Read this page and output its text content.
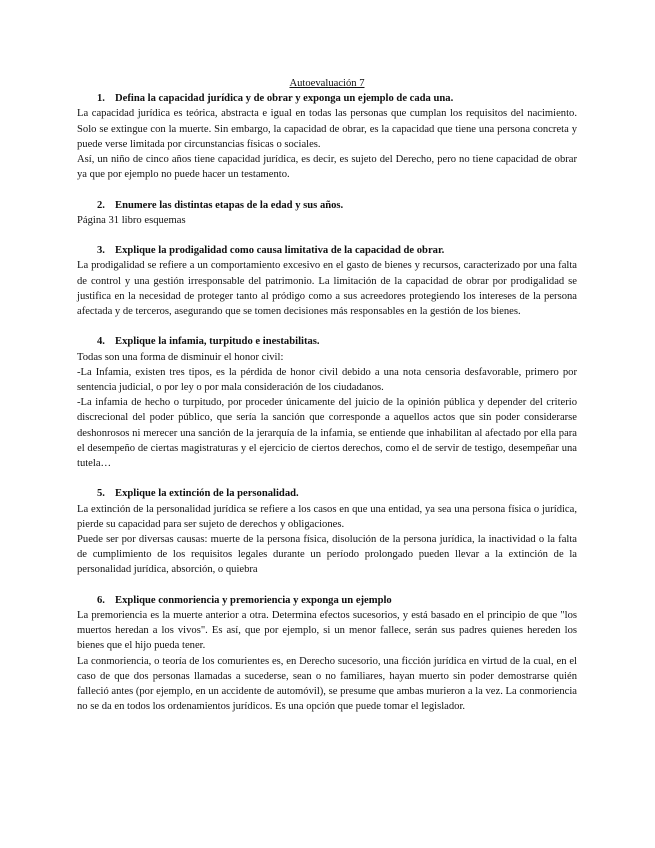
Autoevaluación 7

1. Defina la capacidad jurídica y de obrar y exponga un ejemplo de cada una.

La capacidad jurídica es teórica, abstracta e igual en todas las personas que cumplan los requisitos del nacimiento. Solo se extingue con la muerte. Sin embargo, la capacidad de obrar, es la capacidad que tiene una persona concreta y puede verse limitada por circunstancias físicas o sociales.

Así, un niño de cinco años tiene capacidad jurídica, es decir, es sujeto del Derecho, pero no tiene capacidad de obrar ya que por ejemplo no puede hacer un testamento.

2. Enumere las distintas etapas de la edad y sus años.

Página 31 libro esquemas

3. Explique la prodigalidad como causa limitativa de la capacidad de obrar.

La prodigalidad se refiere a un comportamiento excesivo en el gasto de bienes y recursos, caracterizado por una falta de control y una gestión irresponsable del patrimonio. La limitación de la capacidad de obrar por prodigalidad se justifica en la necesidad de proteger tanto al pródigo como a sus acreedores protegiendo los intereses de la persona afectada y de terceros, asegurando que se tomen decisiones más responsables en la gestión de los bienes.

4. Explique la infamia, turpitudo e inestabilitas.

Todas son una forma de disminuir el honor civil:

-La Infamia, existen tres tipos, es la pérdida de honor civil debido a una nota censoria desfavorable, primero por sentencia judicial, o por ley o por mala consideración de los ciudadanos.

-La infamia de hecho o turpitudo, por proceder únicamente del juicio de la opinión pública y depender del criterio discrecional del poder público, que sería la sanción que corresponde a aquellos actos que sin poder considerarse deshonrosos ni merecer una sanción de la jerarquía de la infamia, se entiende que inhabilitan al afectado por ella para el desempeño de ciertas magistraturas y el ejercicio de ciertos derechos, como el de servir de testigo, desempeñar una tutela…

5. Explique la extinción de la personalidad.

La extinción de la personalidad jurídica se refiere a los casos en que una entidad, ya sea una persona física o jurídica, pierde su capacidad para ser sujeto de derechos y obligaciones.

Puede ser por diversas causas: muerte de la persona física, disolución de la persona jurídica, la inactividad o la falta de cumplimiento de los requisitos legales durante un período prolongado pueden llevar a la extinción de la personalidad jurídica, absorción, o quiebra

6. Explique conmoriencia y premoriencia y exponga un ejemplo

La premoriencia es la muerte anterior a otra. Determina efectos sucesorios, y está basado en el principio de que "los muertos heredan a los vivos". Es así, que por ejemplo, si un menor fallece, serán sus padres quienes hereden los bienes que el hijo pueda tener.

La conmoriencia, o teoría de los comurientes es, en Derecho sucesorio, una ficción jurídica en virtud de la cual, en el caso de que dos personas llamadas a sucederse, sean o no familiares, hayan muerto sin poder demostrarse quién falleció antes (por ejemplo, en un accidente de automóvil), se presume que ambas murieron a la vez. La conmoriencia no se da en todos los ordenamientos jurídicos. Es una opción que puede tomar el legislador.
